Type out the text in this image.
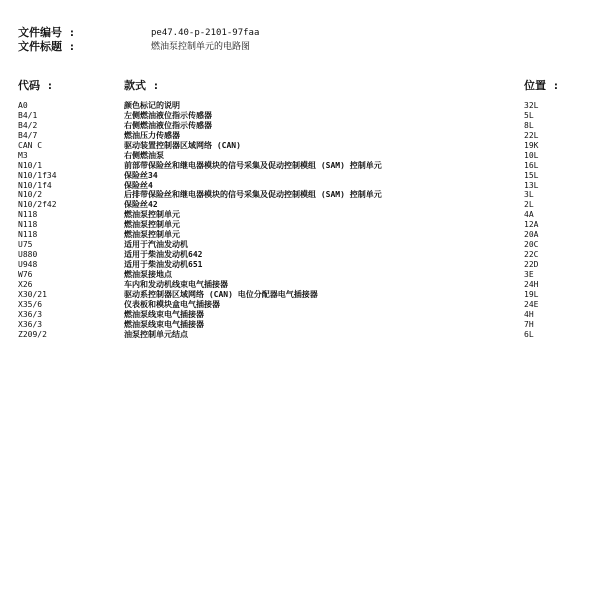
文件编号 :	pe47.40-p-2101-97faa
文件标题 :	燃油泵控制单元的电路图
代码 :	款式 :	位置 :
A0	颜色标记的说明	32L
B4/1	左侧燃油液位指示传感器	5L
B4/2	右侧燃油液位指示传感器	8L
B4/7	燃油压力传感器	22L
CAN C	驱动装置控制器区域网络 (CAN)	19K
M3	右侧燃油泵	10L
N10/1	前部带保险丝和继电器模块的信号采集及促动控制模组 (SAM) 控制单元	16L
N10/1f34	保险丝34	15L
N10/1f4	保险丝4	13L
N10/2	后排带保险丝和继电器模块的信号采集及促动控制模组 (SAM) 控制单元	3L
N10/2f42	保险丝42	2L
N118	燃油泵控制单元	4A
N118	燃油泵控制单元	12A
N118	燃油泵控制单元	20A
U75	适用于汽油发动机	20C
U880	适用于柴油发动机642	22C
U948	适用于柴油发动机651	22D
W76	燃油泵接地点	3E
X26	车内和发动机线束电气插接器	24H
X30/21	驱动系控制器区域网络 (CAN) 电位分配器电气插接器	19L
X35/6	仪表板和模块盒电气插接器	24E
X36/3	燃油泵线束电气插接器	4H
X36/3	燃油泵线束电气插接器	7H
Z209/2	油泵控制单元结点	6L
